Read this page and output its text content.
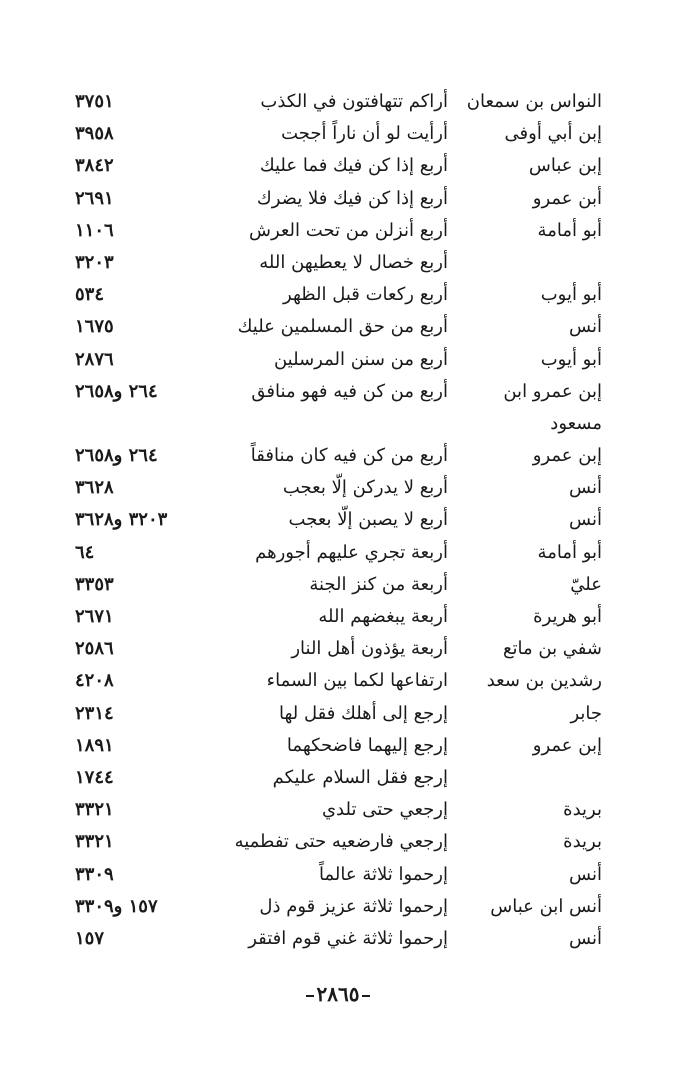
النواس بن سمعان
أراكم تتهافتون في الكذب
٣٧٥١
إبن أبي أوفى
أرأيت لو أن ناراً أججت
٣٩٥٨
إبن عباس
أربع إذا كن فيك فما عليك
٣٨٤٢
أبن عمرو
أربع إذا كن فيك فلا يضرك
٢٦٩١
أبو أمامة
أربع أنزلن من تحت العرش
١١٠٦
أربع خصال لا يعطيهن الله
٣٢٠٣
أبو أيوب
أربع ركعات قبل الظهر
٥٣٤
أنس
أربع من حق المسلمين عليك
١٦٧٥
أبو أيوب
أربع من سنن المرسلين
٢٨٧٦
إبن عمرو ابن
أربع من كن فيه فهو منافق
٢٦٤ و٢٦٥٨
مسعود
إبن عمرو
أربع من كن فيه كان منافقاً
٢٦٤ و٢٦٥٨
أنس
أربع لا يدركن إلّا بعجب
٣٦٢٨
أنس
أربع لا يصبن إلّا بعجب
٣٢٠٣ و٣٦٢٨
أبو أمامة
أربعة تجري عليهم أجورهم
٦٤
عليّ
أربعة من كنز الجنة
٣٣٥٣
أبو هريرة
أربعة يبغضهم الله
٢٦٧١
شفي بن ماتع
أربعة يؤذون أهل النار
٢٥٨٦
رشدين بن سعد
ارتفاعها لكما بين السماء
٤٢٠٨
جابر
إرجع إلى أهلك فقل لها
٢٣١٤
إبن عمرو
إرجع إليهما فاضحكهما
١٨٩١
إرجع فقل السلام عليكم
١٧٤٤
بريدة
إرجعي حتى تلدي
٣٣٢١
بريدة
إرجعي فارضعيه حتى تفطميه
٣٣٢١
أنس
إرحموا ثلاثة عالماً
٣٣٠٩
أنس ابن عباس
إرحموا ثلاثة عزيز قوم ذل
١٥٧ و٣٣٠٩
أنس
إرحموا ثلاثة غني قوم افتقر
١٥٧
٢٨٦٥
